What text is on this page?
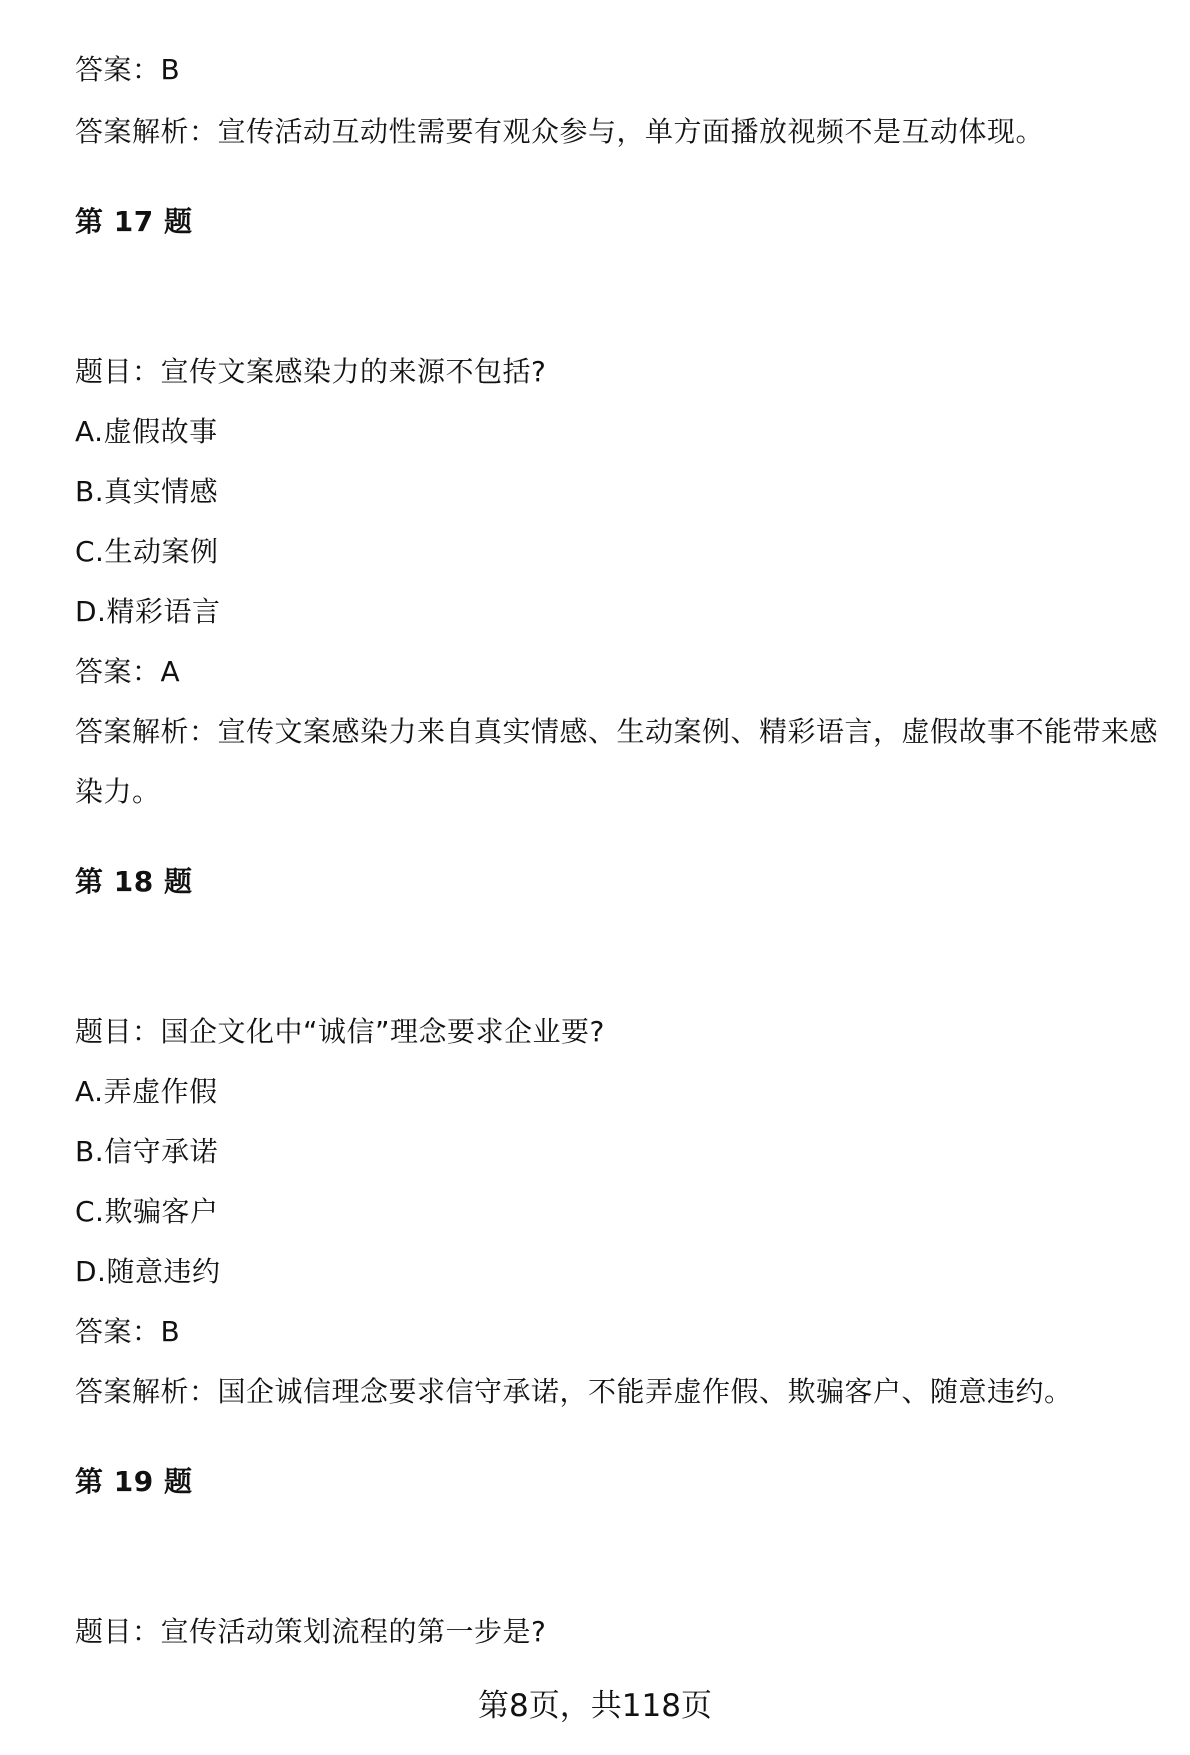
答案：B
答案解析：宣传活动互动性需要有观众参与，单方面播放视频不是互动体现。
第 17 题
题目：宣传文案感染力的来源不包括?
A.虚假故事
B.真实情感
C.生动案例
D.精彩语言
答案：A
答案解析：宣传文案感染力来自真实情感、生动案例、精彩语言，虚假故事不能带来感染力。
第 18 题
题目：国企文化中“诚信”理念要求企业要?
A.弄虚作假
B.信守承诺
C.欺骗客户
D.随意违约
答案：B
答案解析：国企诚信理念要求信守承诺，不能弄虚作假、欺骗客户、随意违约。
第 19 题
题目：宣传活动策划流程的第一步是?
第8页，共118页
